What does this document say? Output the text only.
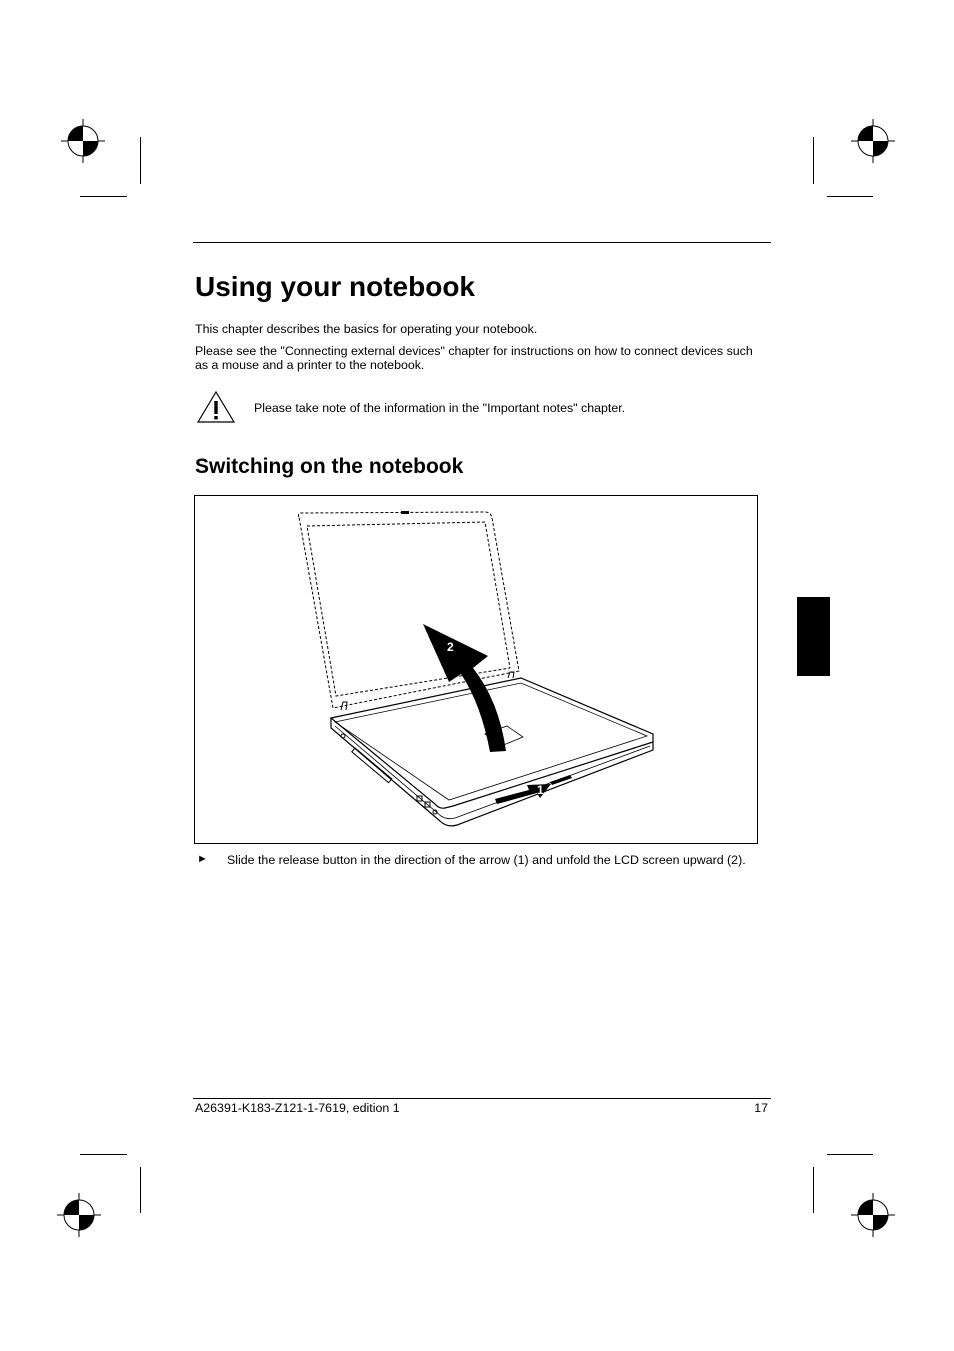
Using your notebook

This chapter describes the basics for operating your notebook.

Please see the "Connecting external devices" chapter for instructions on how to connect devices such as a mouse and a printer to the notebook.

Please take note of the information in the "Important notes" chapter.
Switching on the notebook
2
1
► Slide the release button in the direction of the arrow (1) and unfold the LCD screen upward (2).
A26391-K183-Z121-1-7619, edition 1	17
